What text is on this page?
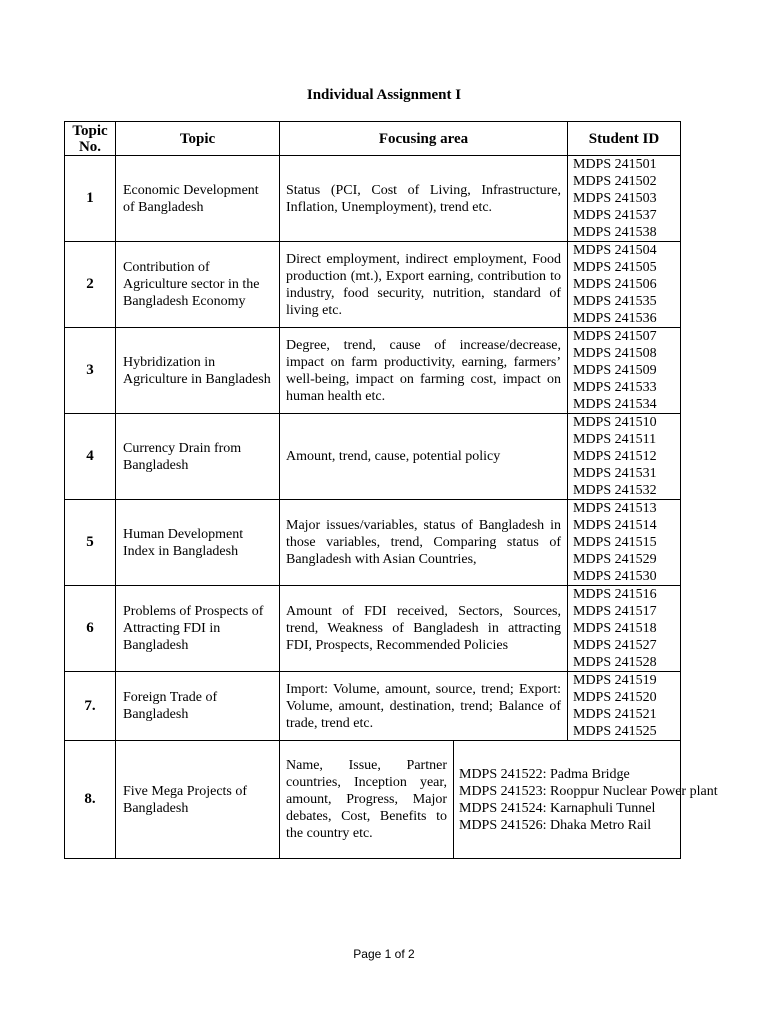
Individual Assignment I
Topic
No.	Topic	Focusing area		Student ID
1	Economic Development of Bangladesh	Status (PCI, Cost of Living, Infrastructure, Inflation, Unemployment), trend etc.		MDPS 241501
MDPS 241502
MDPS 241503
MDPS 241537
MDPS 241538

2	Contribution of Agriculture sector in the Bangladesh Economy	Direct employment, indirect employment, Food production (mt.), Export earning, contribution to industry, food security, nutrition, standard of living etc.		MDPS 241504
MDPS 241505
MDPS 241506
MDPS 241535
MDPS 241536

3	Hybridization in Agriculture in Bangladesh	Degree, trend, cause of increase/decrease, impact on farm productivity, earning, farmers’ well-being, impact on farming cost, impact on human health etc.		MDPS 241507
MDPS 241508
MDPS 241509
MDPS 241533
MDPS 241534

4	Currency Drain from Bangladesh	Amount, trend, cause, potential policy		MDPS 241510
MDPS 241511
MDPS 241512
MDPS 241531
MDPS 241532

5	Human Development Index in Bangladesh	Major issues/variables, status of Bangladesh in those variables, trend, Comparing status of Bangladesh with Asian Countries,		MDPS 241513
MDPS 241514
MDPS 241515
MDPS 241529
MDPS 241530

6	Problems of Prospects of Attracting FDI in Bangladesh	Amount of FDI received, Sectors, Sources, trend, Weakness of Bangladesh in attracting FDI, Prospects, Recommended Policies		MDPS 241516
MDPS 241517
MDPS 241518
MDPS 241527
MDPS 241528

7.	Foreign Trade of Bangladesh	Import: Volume, amount, source, trend; Export: Volume, amount, destination, trend; Balance of trade, trend etc.		MDPS 241519
MDPS 241520
MDPS 241521
MDPS 241525

8.	Five Mega Projects of Bangladesh	Name, Issue, Partner countries, Inception year, amount, Progress, Major debates, Cost, Benefits to the country etc.	MDPS 241522: Padma Bridge
MDPS 241523: Rooppur Nuclear Power plant
MDPS 241524: Karnaphuli Tunnel
MDPS 241526: Dhaka Metro Rail	
Page 1 of 2
